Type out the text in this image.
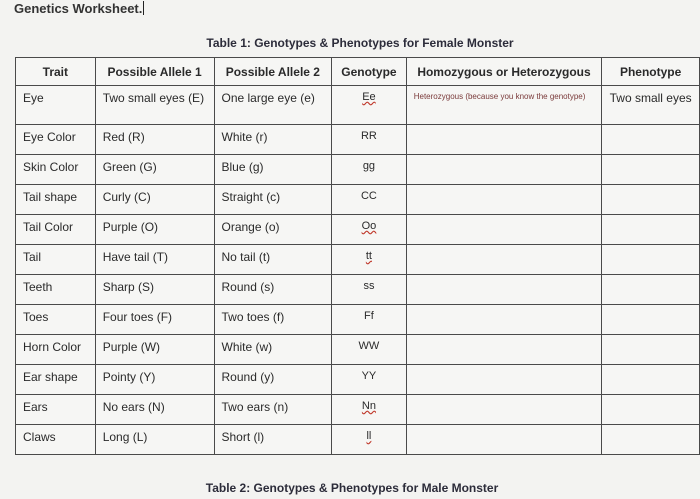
Genetics Worksheet.
Table 1: Genotypes & Phenotypes for Female Monster
Trait	Possible Allele 1	Possible Allele 2	Genotype	Homozygous or Heterozygous	Phenotype
Eye	Two small eyes (E)	One large eye (e)	Ee	Heterozygous (because you know the genotype)	Two small eyes
Eye Color	Red (R)	White (r)	RR		
Skin Color	Green (G)	Blue (g)	gg		
Tail shape	Curly (C)	Straight (c)	CC		
Tail Color	Purple (O)	Orange (o)	Oo		
Tail	Have tail (T)	No tail (t)	tt		
Teeth	Sharp (S)	Round (s)	ss		
Toes	Four toes (F)	Two toes (f)	Ff		
Horn Color	Purple (W)	White (w)	WW		
Ear shape	Pointy (Y)	Round (y)	YY		
Ears	No ears (N)	Two ears (n)	Nn		
Claws	Long (L)	Short (l)	ll		
Table 2: Genotypes & Phenotypes for Male Monster
